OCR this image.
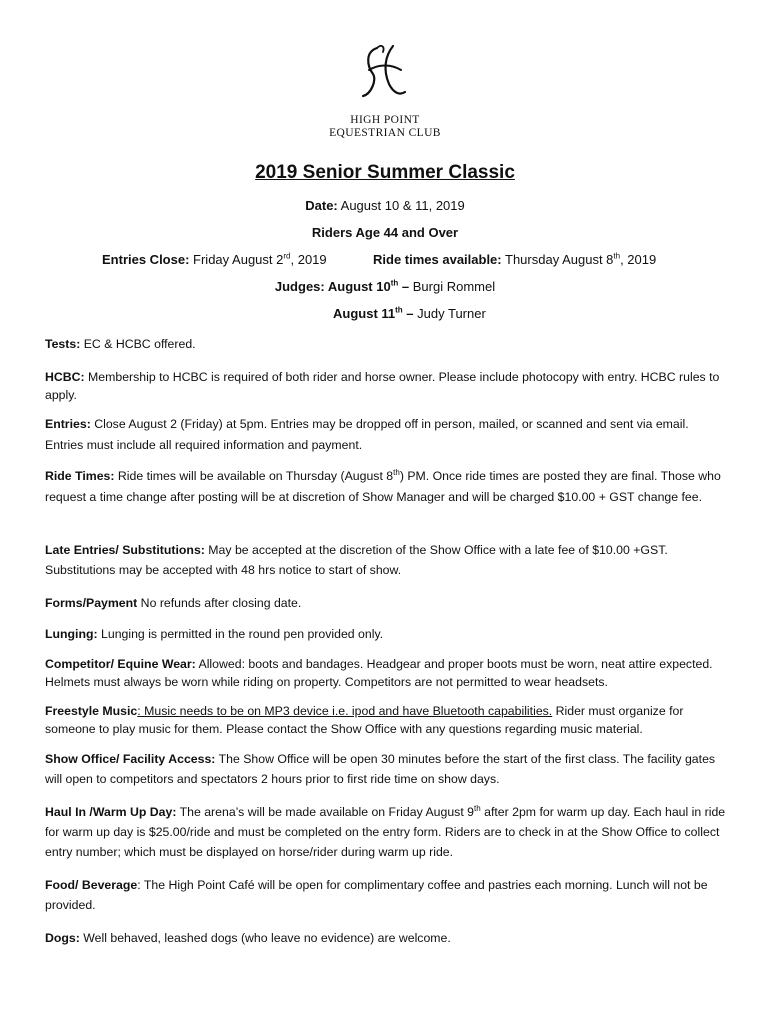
HIGH POINT
EQUESTRIAN CLUB
2019 Senior Summer Classic
Date: August 10 & 11, 2019
Riders Age 44 and Over
Entries Close: Friday August 2rd, 2019	Ride times available: Thursday August 8th, 2019
Judges: August 10th – Burgi Rommel
August 11th – Judy Turner
Tests: EC & HCBC offered.
HCBC: Membership to HCBC is required of both rider and horse owner. Please include photocopy with entry. HCBC rules to apply.
Entries: Close August 2 (Friday) at 5pm. Entries may be dropped off in person, mailed, or scanned and sent via email. Entries must include all required information and payment.
Ride Times: Ride times will be available on Thursday (August 8th) PM. Once ride times are posted they are final. Those who request a time change after posting will be at discretion of Show Manager and will be charged $10.00 + GST change fee.
Late Entries/ Substitutions: May be accepted at the discretion of the Show Office with a late fee of $10.00 +GST. Substitutions may be accepted with 48 hrs notice to start of show.
Forms/Payment No refunds after closing date.
Lunging: Lunging is permitted in the round pen provided only.
Competitor/ Equine Wear: Allowed: boots and bandages. Headgear and proper boots must be worn, neat attire expected. Helmets must always be worn while riding on property. Competitors are not permitted to wear headsets.
Freestyle Music: Music needs to be on MP3 device i.e. ipod and have Bluetooth capabilities. Rider must organize for someone to play music for them. Please contact the Show Office with any questions regarding music material.
Show Office/ Facility Access: The Show Office will be open 30 minutes before the start of the first class. The facility gates will open to competitors and spectators 2 hours prior to first ride time on show days.
Haul In /Warm Up Day: The arena’s will be made available on Friday August 9th after 2pm for warm up day. Each haul in ride for warm up day is $25.00/ride and must be completed on the entry form. Riders are to check in at the Show Office to collect entry number; which must be displayed on horse/rider during warm up ride.
Food/ Beverage: The High Point Café will be open for complimentary coffee and pastries each morning. Lunch will not be provided.
Dogs: Well behaved, leashed dogs (who leave no evidence) are welcome.
